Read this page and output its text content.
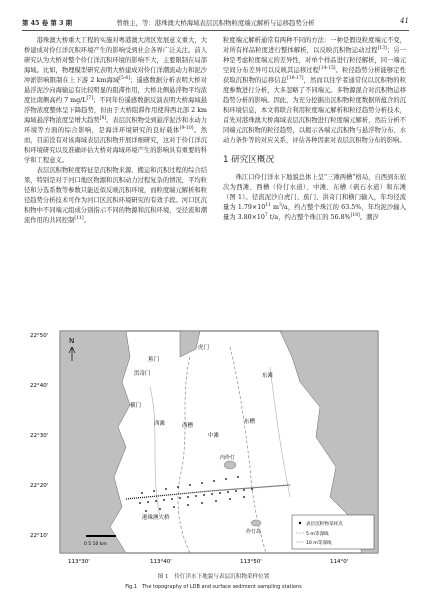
第 45 卷 第 3 期	曾维主，等：港珠澳大桥海域表层沉积物粒度端元解析与运移趋势分析	41

港珠澳大桥重大工程的实施对粤港澳大湾区发展意义重大，大桥建成对伶仃洋沉积环境产生的影响受到社会各界广泛关注。前人研究认为大桥对整个伶仃洋沉积环境的影响不大，主要限制在局部海域。比如，物理模型研究表明大桥建成对伶仃洋潮流动力和泥沙冲淤影响限制在上下游 2 km海域[5-6]；遥感数据分析表明大桥对悬浮泥沙向海输运有比较明显的阻滞作用，大桥北侧悬浮物平均浓度比南侧高约 7 mg/L[7]；不同年份遥感数据反演表明大桥海域悬浮物浓度整体呈下降趋势，但由于大桥阻滞作用使得西北部 2 km海域悬浮物浓度呈增大趋势[8]。表层沉积物受到悬浮泥沙和水动力环境等方面的综合影响，是海洋环境研究的良好载体[9-10]。然而，目前没有对该海域表层沉积物开展详细研究，这对于伶仃洋沉积环境研究以及准确评估大桥对海域环境产生的影响具有重要的科学和工程意义。

表层沉积物粒度特征是沉积物来源、搬运和沉积过程的综合结果，特别是对于河口地区物源和沉积动力过程复杂的情况，平均粒径和分选系数等参数只能近似反映沉积环境，而粒度端元解析和粒径趋势分析技术可作为河口区沉积环境研究的有效手段。河口区沉积物中不同端元组成分别指示不同的物源和沉积环境，受径流和潮流作用的共同控制[11]。

粒度端元解析通常有两种不同的方法：一种是假设粒度端元不变，对所有样品粒度进行整体解析，以反映沉积物运动过程[13]；另一种是考虑粒度端元的差异性，对单个样品进行粒径解析，同一端元空间分布差异可以反映其运移过程[14-15]。粒径趋势分析能够定性获取沉积物的运移信息[16-17]，然而以往学者通常仅以沉积物的粒度参数进行分析，大多忽略了不同端元。多物源混合对沉积物运移趋势分析的影响。因此，为充分挖掘出沉积物粒度数据所蕴含的沉积环境信息，本文将联合利用粒度端元解析和粒径趋势分析技术，首先对港珠澳大桥海域表层沉积物进行粒度端元解析，然后分析不同端元沉积物的粒径趋势，以揭示各端元沉积物与悬浮物分布、水动力条件等的对应关系，评估各种因素对表层沉积物分布的影响。

1 研究区概况

珠江口伶仃洋水下地貌总体上呈“三滩两槽”格局，自西到东依次为西滩、西槽（伶仃水道）、中滩、东槽（矾石水道）和东滩（图 1）。径流泥沙自虎门、蕉门、洪奇门和横门输入，年均径流量为 $1.79\times 10^{11}$ $m^3/a$，约占整个珠江的 63.5%，年均泥沙输入量为 $3.80\times 10^7$ t/a，约占整个珠江的 56.8%[18]。潮汐

N
22°50'
22°40'
22°30'
22°20'
22°10'
113°30'	113°40'	113°50'	114°0'
虎门
蕉门
洪奇门	东滩
横门
西滩	西槽
中滩
东槽
内伶仃
伶仃岛
港珠澳大桥
0 5 10 km
表层沉积物采样点
5 m等深线
10 m等深线
图 1　伶仃洋水下地貌与表层沉积物采样位置
Fig.1　The topography of LDB and surface sediment sampling stations
